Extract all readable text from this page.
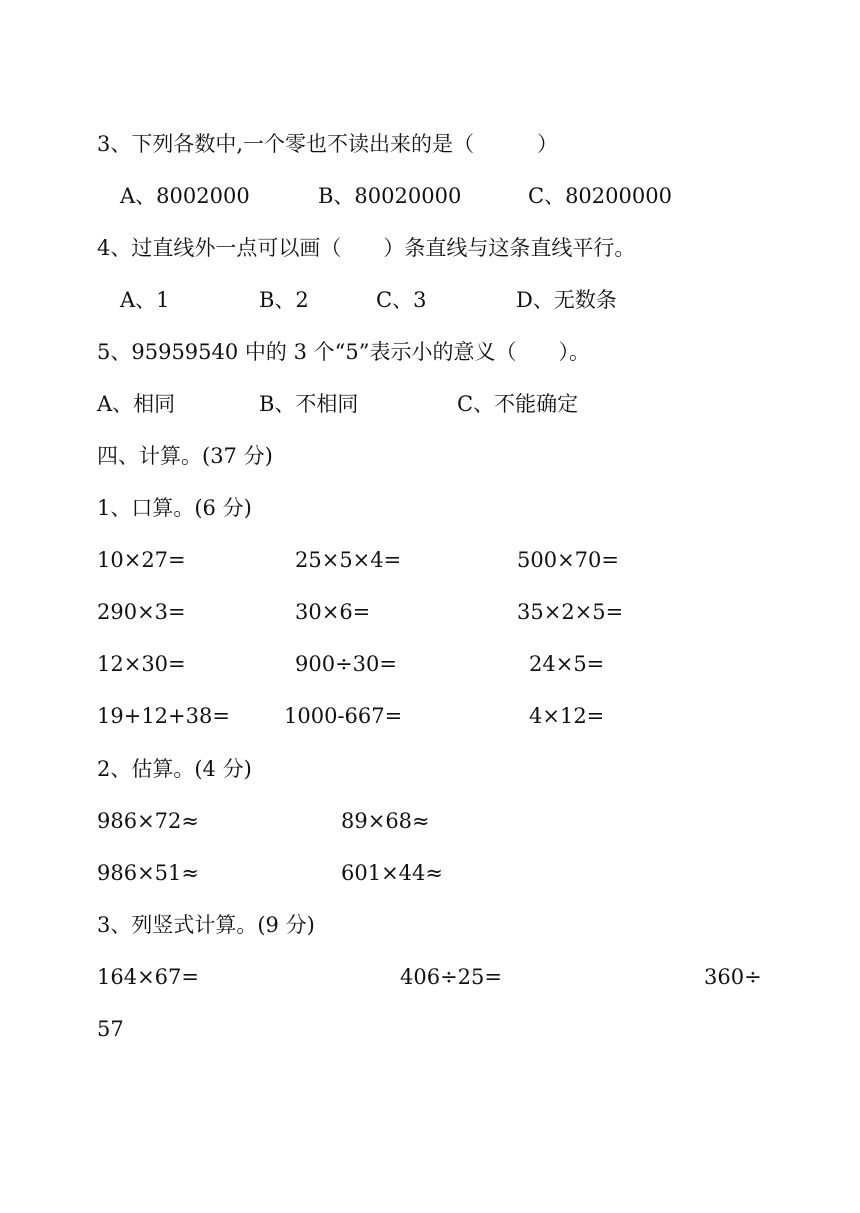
3、下列各数中,一个零也不读出来的是（　　　）
A、8002000	B、80020000	C、80200000
4、过直线外一点可以画（　　）条直线与这条直线平行。
A、1	B、2	C、3	D、无数条
5、95959540 中的 3 个“5”表示小的意义（　　）。
A、相同	B、不相同	C、不能确定
四、计算。(37 分)
1、口算。(6 分)
10×27=	25×5×4=	500×70=
290×3=	30×6=	35×2×5=
12×30=	900÷30=	24×5=
19+12+38=	1000-667=	4×12=
2、估算。(4 分)
986×72≈	89×68≈
986×51≈	601×44≈
3、列竖式计算。(9 分)
164×67=	406÷25=	360÷
57
